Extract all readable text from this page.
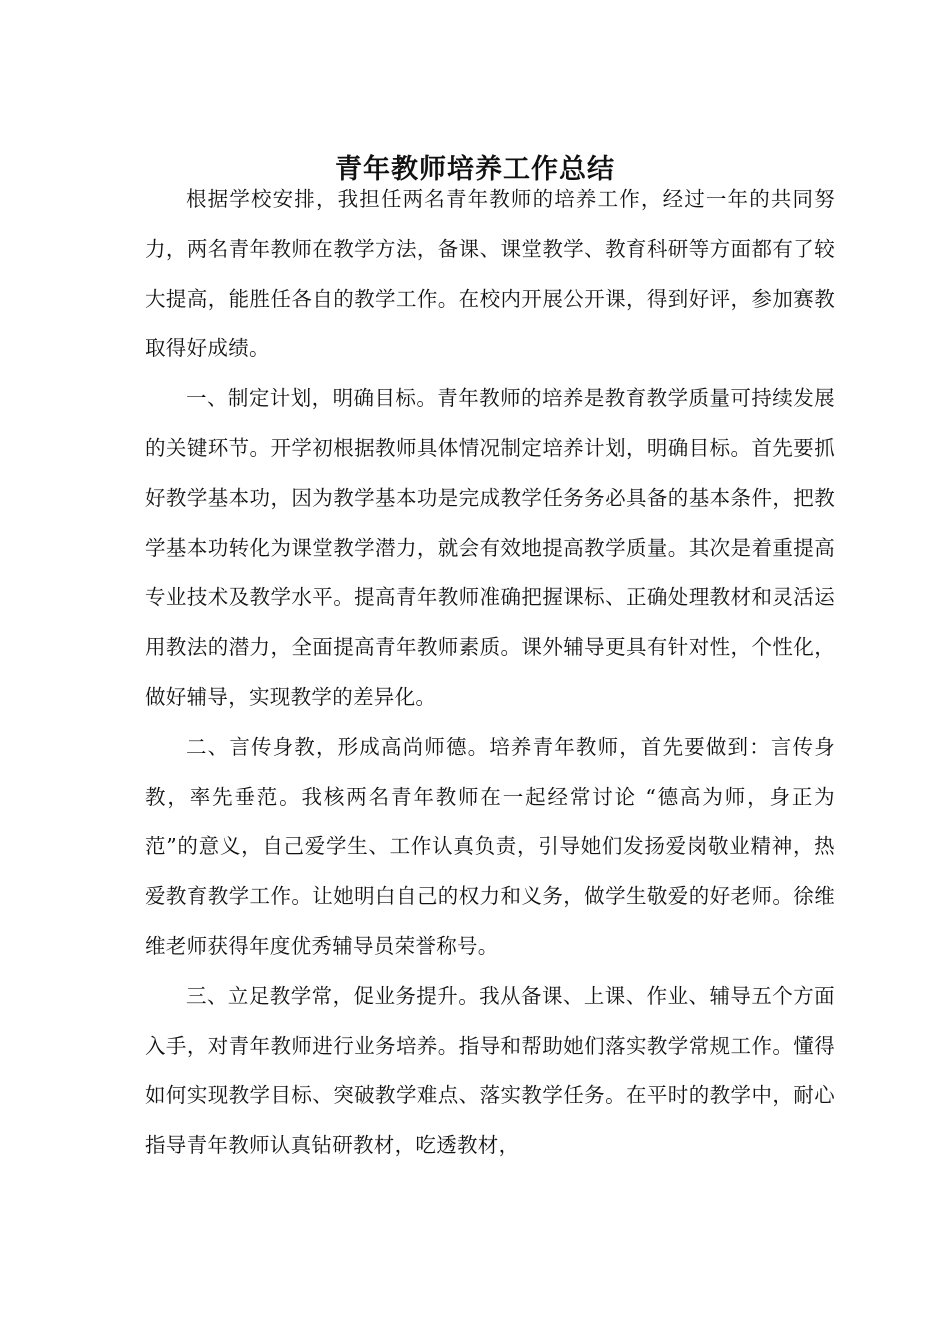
青年教师培养工作总结

根据学校安排，我担任两名青年教师的培养工作，经过一年的共同努力，两名青年教师在教学方法，备课、课堂教学、教育科研等方面都有了较大提高，能胜任各自的教学工作。在校内开展公开课，得到好评，参加赛教取得好成绩。

一、制定计划，明确目标。青年教师的培养是教育教学质量可持续发展的关键环节。开学初根据教师具体情况制定培养计划，明确目标。首先要抓好教学基本功，因为教学基本功是完成教学任务务必具备的基本条件，把教学基本功转化为课堂教学潜力，就会有效地提高教学质量。其次是着重提高专业技术及教学水平。提高青年教师准确把握课标、正确处理教材和灵活运用教法的潜力，全面提高青年教师素质。课外辅导更具有针对性，个性化，做好辅导，实现教学的差异化。

二、言传身教，形成高尚师德。培养青年教师，首先要做到：言传身教，率先垂范。我核两名青年教师在一起经常讨论 “德高为师，身正为范”的意义，自己爱学生、工作认真负责，引导她们发扬爱岗敬业精神，热爱教育教学工作。让她明白自己的权力和义务，做学生敬爱的好老师。徐维维老师获得年度优秀辅导员荣誉称号。

三、立足教学常，促业务提升。我从备课、上课、作业、辅导五个方面入手，对青年教师进行业务培养。指导和帮助她们落实教学常规工作。懂得如何实现教学目标、突破教学难点、落实教学任务。在平时的教学中，耐心指导青年教师认真钻研教材，吃透教材，
